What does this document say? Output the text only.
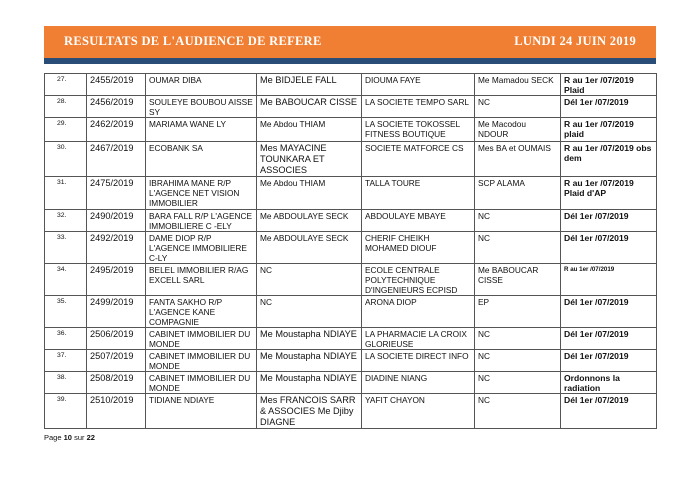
RESULTATS DE L'AUDIENCE DE REFERE	LUNDI 24 JUIN 2019
27.	2455/2019	OUMAR DIBA	Me BIDJELE FALL	DIOUMA FAYE	Me Mamadou SECK	R au 1er /07/2019 Plaid
28.	2456/2019	SOULEYE BOUBOU AISSE SY	Me BABOUCAR CISSE	LA SOCIETE TEMPO SARL	NC	Dél 1er /07/2019
29.	2462/2019	MARIAMA WANE LY	Me Abdou THIAM	LA SOCIETE TOKOSSEL FITNESS BOUTIQUE	Me Macodou NDOUR	R au 1er /07/2019 plaid
30.	2467/2019	ECOBANK SA	Mes MAYACINE TOUNKARA ET ASSOCIES	SOCIETE MATFORCE CS	Mes BA et OUMAIS	R au 1er /07/2019 obs dem
31.	2475/2019	IBRAHIMA MANE R/P L'AGENCE NET VISION IMMOBILIER	Me Abdou THIAM	TALLA TOURE	SCP ALAMA	R au 1er /07/2019 Plaid d'AP
32.	2490/2019	BARA FALL R/P L'AGENCE IMMOBILIERE C -ELY	Me ABDOULAYE SECK	ABDOULAYE MBAYE	NC	Dél 1er /07/2019
33.	2492/2019	DAME DIOP R/P L'AGENCE IMMOBILIERE C-LY	Me ABDOULAYE SECK	CHERIF CHEIKH MOHAMED DIOUF	NC	Dél 1er /07/2019
34.	2495/2019	BELEL IMMOBILIER R/AG EXCELL SARL	NC	ECOLE CENTRALE POLYTECHNIQUE D'INGENIEURS ECPISD	Me BABOUCAR CISSE	R au 1er /07/2019
35.	2499/2019	FANTA SAKHO R/P L'AGENCE KANE COMPAGNIE	NC	ARONA DIOP	EP	Dél 1er /07/2019
36.	2506/2019	CABINET IMMOBILIER DU MONDE	Me Moustapha NDIAYE	LA PHARMACIE LA CROIX GLORIEUSE	NC	Dél 1er /07/2019
37.	2507/2019	CABINET IMMOBILIER DU MONDE	Me Moustapha NDIAYE	LA SOCIETE DIRECT INFO	NC	Dél 1er /07/2019
38.	2508/2019	CABINET IMMOBILIER DU MONDE	Me Moustapha NDIAYE	DIADINE NIANG	NC	Ordonnons la radiation
39.	2510/2019	TIDIANE NDIAYE	Mes FRANCOIS SARR & ASSOCIES Me Djiby DIAGNE	YAFIT CHAYON	NC	Dél 1er /07/2019
Page 10 sur 22
